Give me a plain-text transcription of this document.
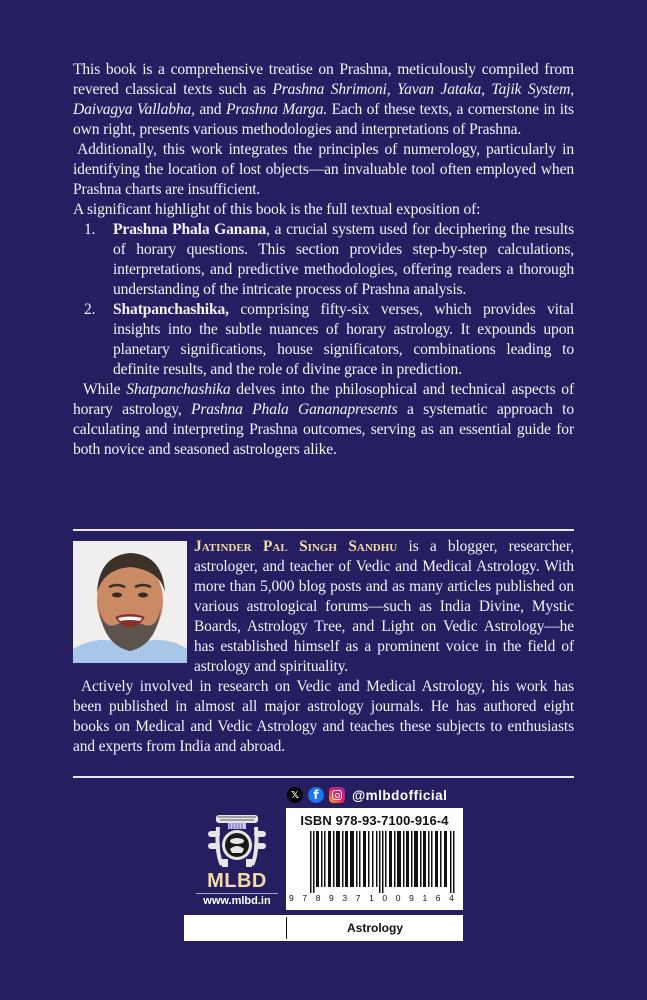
This book is a comprehensive treatise on Prashna, meticulously compiled from revered classical texts such as Prashna Shrimoni, Yavan Jataka, Tajik System, Daivagya Vallabha, and Prashna Marga. Each of these texts, a cornerstone in its own right, presents various methodologies and interpretations of Prashna.

Additionally, this work integrates the principles of numerology, particularly in identifying the location of lost objects—an invaluable tool often employed when Prashna charts are insufficient.

A significant highlight of this book is the full textual exposition of:

1. Prashna Phala Ganana, a crucial system used for deciphering the results of horary questions. This section provides step-by-step calculations, interpretations, and predictive methodologies, offering readers a thorough understanding of the intricate process of Prashna analysis.
2. Shatpanchashika, comprising fifty-six verses, which provides vital insights into the subtle nuances of horary astrology. It expounds upon planetary significations, house significators, combinations leading to definite results, and the role of divine grace in prediction.

While Shatpanchashika delves into the philosophical and technical aspects of horary astrology, Prashna Phala Gananapresents a systematic approach to calculating and interpreting Prashna outcomes, serving as an essential guide for both novice and seasoned astrologers alike.

Jatinder Pal Singh Sandhu is a blogger, researcher, astrologer, and teacher of Vedic and Medical Astrology. With more than 5,000 blog posts and as many articles published on various astrological forums—such as India Divine, Mystic Boards, Astrology Tree, and Light on Vedic Astrology—he has established himself as a prominent voice in the field of astrology and spirituality.

Actively involved in research on Vedic and Medical Astrology, his work has been published in almost all major astrology journals. He has authored eight books on Medical and Vedic Astrology and teaches these subjects to enthusiasts and experts from India and abroad.

𝕏	f	@mlbdofficial
MLBD
www.mlbd.in
ISBN 978-93-7100-916-4
9 7 8 9 3 7 1 0 0 9 1 6 4
Astrology
